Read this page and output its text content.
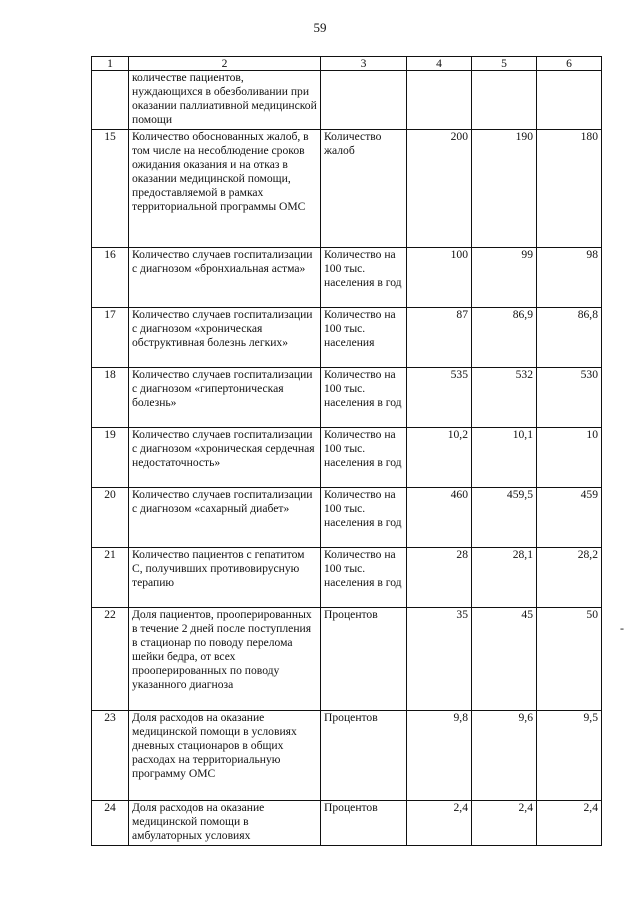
59
1	2	3	4	5	6
	количестве пациентов, нуждающихся в обезболивании при оказании паллиативной медицинской помощи				
15	Количество обоснованных жалоб, в том числе на несоблюдение сроков ожидания оказания и на отказ в оказании медицинской помощи, предоставляемой в рамках территориальной программы ОМС	Количество жалоб	200	190	180
16	Количество случаев госпитализации с диагнозом «бронхиальная астма»	Количество на 100 тыс. населения в год	100	99	98
17	Количество случаев госпитализации с диагнозом «хроническая обструктивная болезнь легких»	Количество на 100 тыс. населения	87	86,9	86,8
18	Количество случаев госпитализации с диагнозом «гипертоническая болезнь»	Количество на 100 тыс. населения в год	535	532	530
19	Количество случаев госпитализации с диагнозом «хроническая сердечная недостаточность»	Количество на 100 тыс. населения в год	10,2	10,1	10
20	Количество случаев госпитализации с диагнозом «сахарный диабет»	Количество на 100 тыс. населения в год	460	459,5	459
21	Количество пациентов с гепатитом С, получивших противовирусную терапию	Количество на 100 тыс. населения в год	28	28,1	28,2
22	Доля пациентов, прооперированных в течение 2 дней после поступления в стационар по поводу перелома шейки бедра, от всех прооперированных по поводу указанного диагноза	Процентов	35	45	50
23	Доля расходов на оказание медицинской помощи в условиях дневных стационаров в общих расходах на территориальную программу ОМС	Процентов	9,8	9,6	9,5
24	Доля расходов на оказание медицинской помощи в амбулаторных условиях	Процентов	2,4	2,4	2,4
-
